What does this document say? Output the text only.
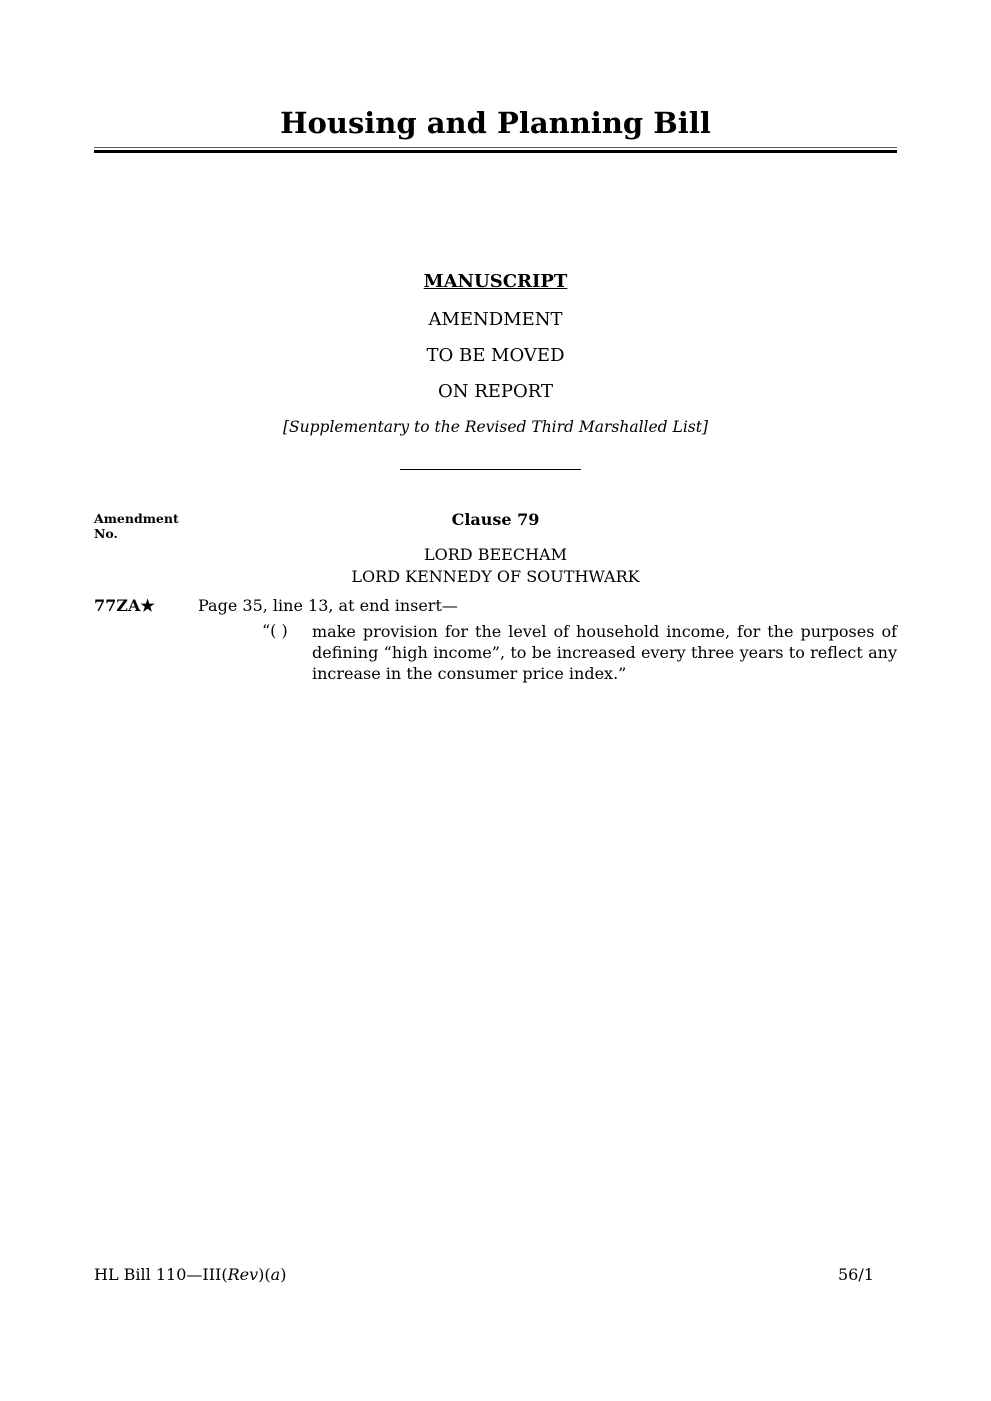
Housing and Planning Bill
MANUSCRIPT
AMENDMENT
TO BE MOVED
ON REPORT
[Supplementary to the Revised Third Marshalled List]
Amendment No.
Clause 79
LORD BEECHAM
LORD KENNEDY OF SOUTHWARK
77ZA★	Page 35, line 13, at end insert—
“( ) make provision for the level of household income, for the purposes of defining “high income”, to be increased every three years to reflect any increase in the consumer price index.”
HL Bill 110—III(Rev)(a)	56/1
